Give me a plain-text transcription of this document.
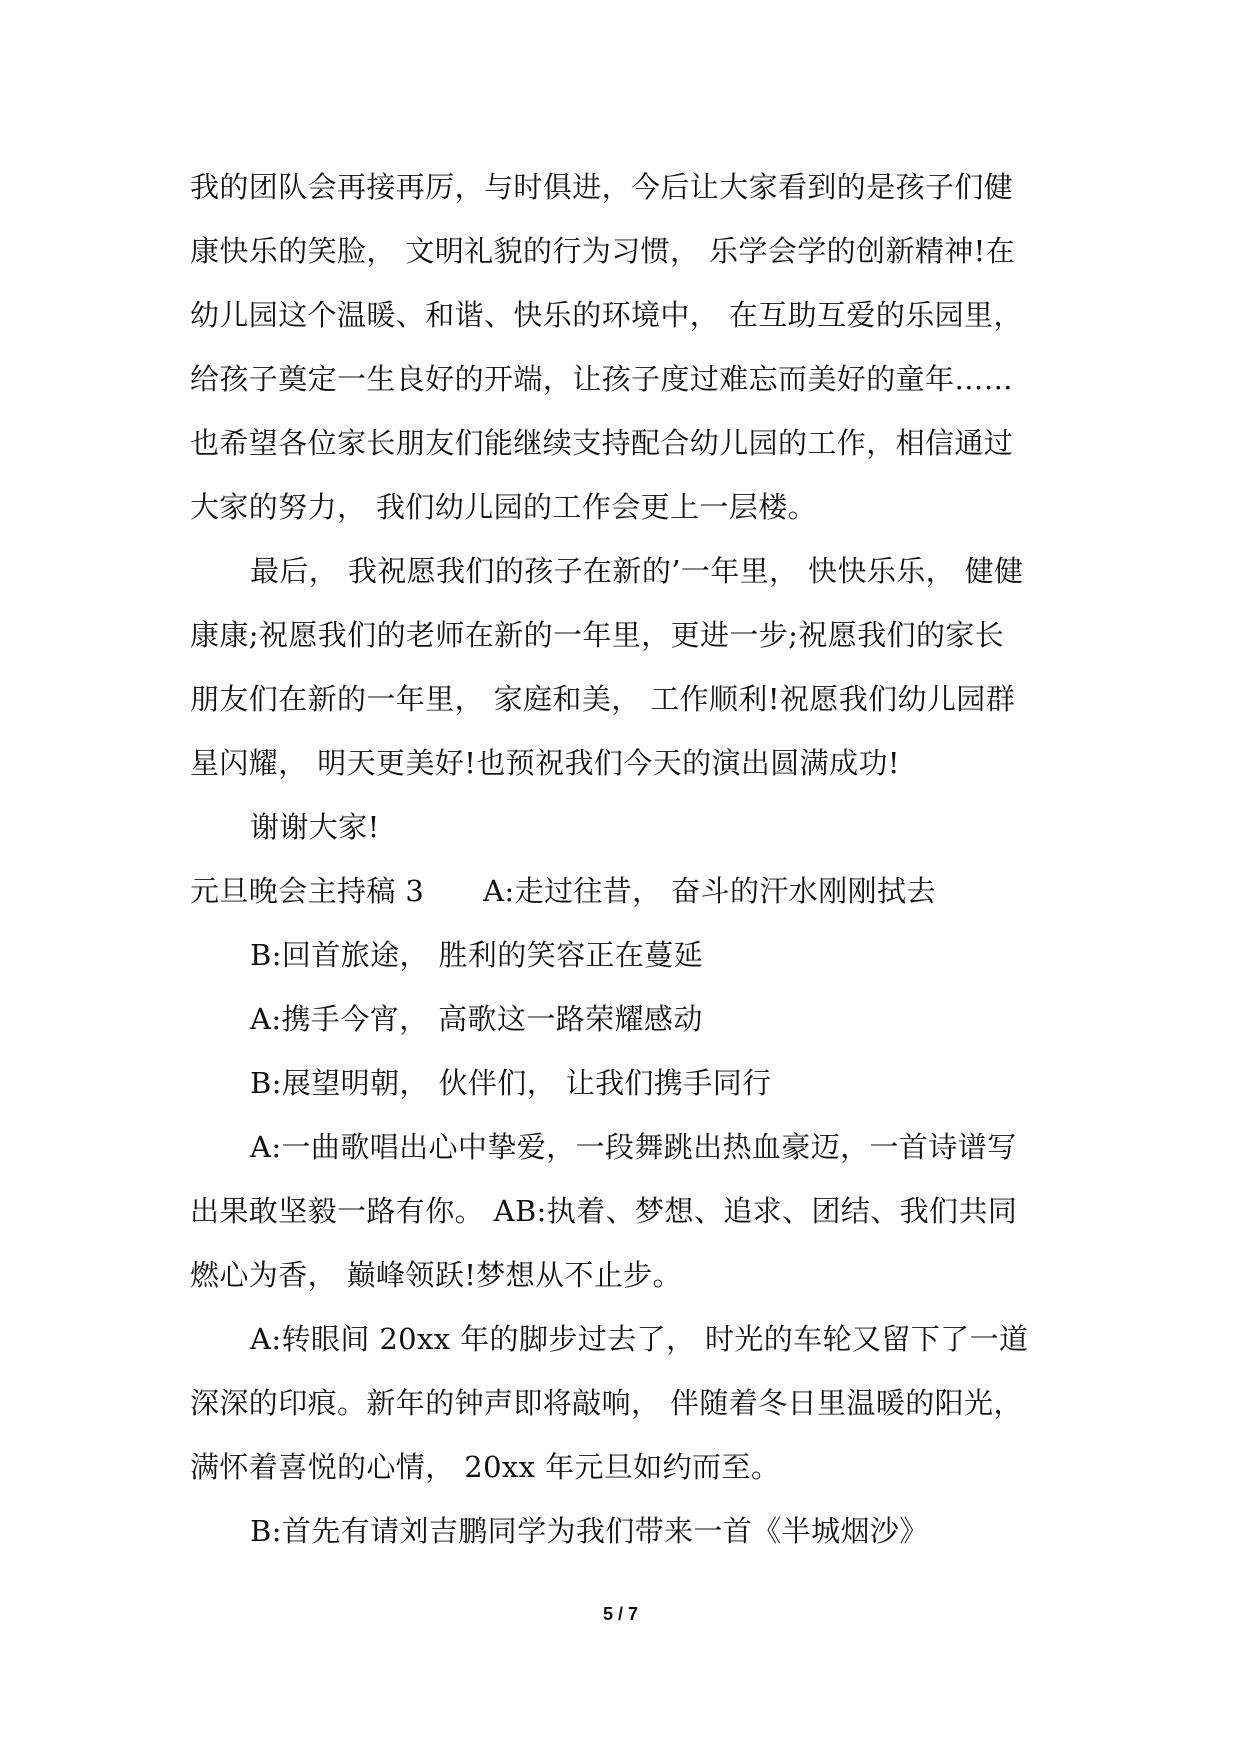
我的团队会再接再厉，与时俱进，今后让大家看到的是孩子们健
康快乐的笑脸， 文明礼貌的行为习惯， 乐学会学的创新精神!在
幼儿园这个温暖、和谐、快乐的环境中， 在互助互爱的乐园里，
给孩子奠定一生良好的开端，让孩子度过难忘而美好的童年……
也希望各位家长朋友们能继续支持配合幼儿园的工作，相信通过
大家的努力， 我们幼儿园的工作会更上一层楼。
最后， 我祝愿我们的孩子在新的’一年里， 快快乐乐， 健健
康康;祝愿我们的老师在新的一年里，更进一步;祝愿我们的家长
朋友们在新的一年里， 家庭和美， 工作顺利!祝愿我们幼儿园群
星闪耀， 明天更美好!也预祝我们今天的演出圆满成功!
谢谢大家!
元旦晚会主持稿 3　　A:走过往昔， 奋斗的汗水刚刚拭去
B:回首旅途， 胜利的笑容正在蔓延
A:携手今宵， 高歌这一路荣耀感动
B:展望明朝， 伙伴们， 让我们携手同行
A:一曲歌唱出心中挚爱，一段舞跳出热血豪迈，一首诗谱写
出果敢坚毅一路有你。 AB:执着、梦想、追求、团结、我们共同
燃心为香， 巅峰领跃!梦想从不止步。
A:转眼间 20xx 年的脚步过去了， 时光的车轮又留下了一道
深深的印痕。新年的钟声即将敲响， 伴随着冬日里温暖的阳光，
满怀着喜悦的心情， 20xx 年元旦如约而至。
B:首先有请刘吉鹏同学为我们带来一首《半城烟沙》
5 / 7
